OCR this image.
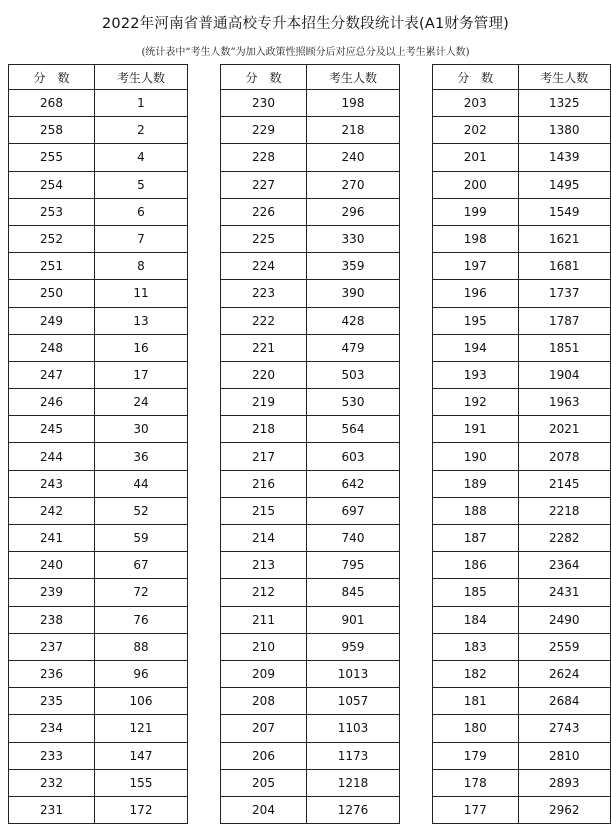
2022年河南省普通高校专升本招生分数段统计表(A1财务管理)
(统计表中“考生人数”为加入政策性照顾分后对应总分及以上考生累计人数)
分　数	考生人数
268	1
258	2
255	4
254	5
253	6
252	7
251	8
250	11
249	13
248	16
247	17
246	24
245	30
244	36
243	44
242	52
241	59
240	67
239	72
238	76
237	88
236	96
235	106
234	121
233	147
232	155
231	172
分　数	考生人数
230	198
229	218
228	240
227	270
226	296
225	330
224	359
223	390
222	428
221	479
220	503
219	530
218	564
217	603
216	642
215	697
214	740
213	795
212	845
211	901
210	959
209	1013
208	1057
207	1103
206	1173
205	1218
204	1276
分　数	考生人数
203	1325
202	1380
201	1439
200	1495
199	1549
198	1621
197	1681
196	1737
195	1787
194	1851
193	1904
192	1963
191	2021
190	2078
189	2145
188	2218
187	2282
186	2364
185	2431
184	2490
183	2559
182	2624
181	2684
180	2743
179	2810
178	2893
177	2962
